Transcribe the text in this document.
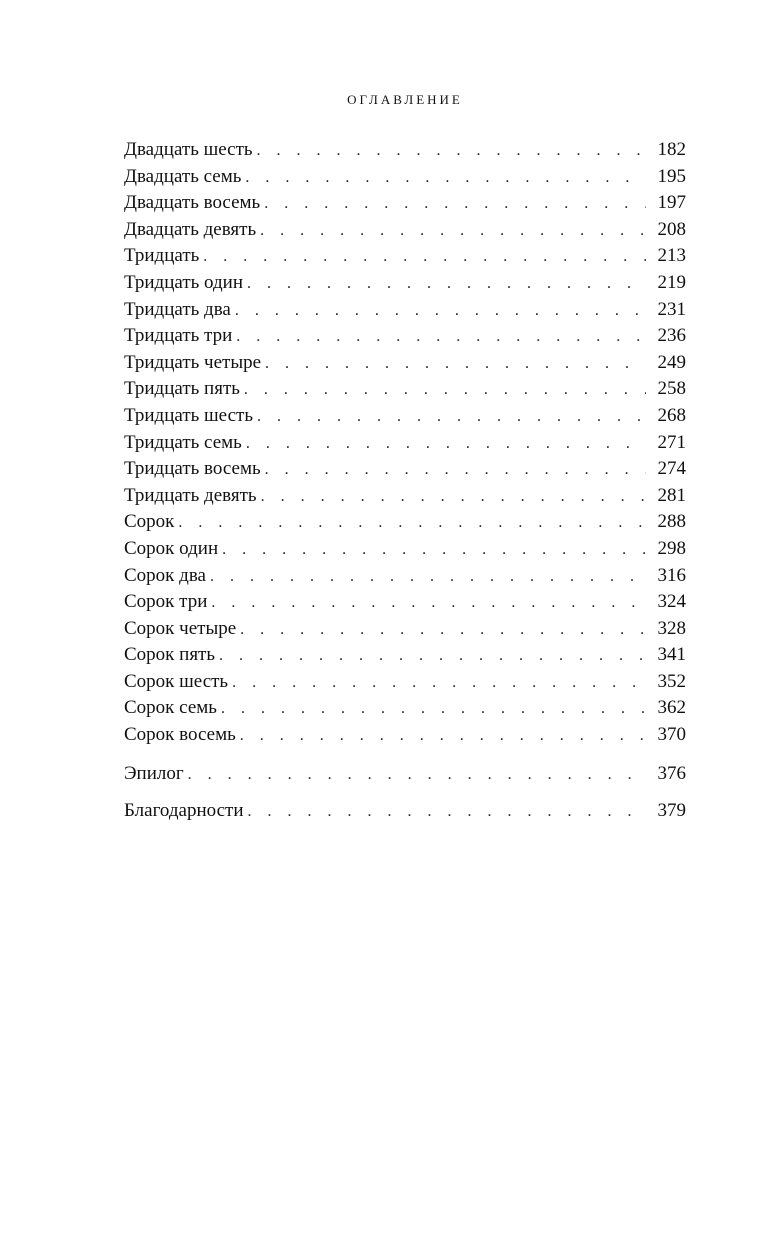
ОГЛАВЛЕНИЕ
Двадцать шесть . . .	182
Двадцать семь . . .	195
Двадцать восемь . . .	197
Двадцать девять . . .	208
Тридцать . . .	213
Тридцать один . . .	219
Тридцать два . . .	231
Тридцать три . . .	236
Тридцать четыре . . .	249
Тридцать пять . . .	258
Тридцать шесть . . .	268
Тридцать семь . . .	271
Тридцать восемь . . .	274
Тридцать девять . . .	281
Сорок . . .	288
Сорок один . . .	298
Сорок два . . .	316
Сорок три . . .	324
Сорок четыре . . .	328
Сорок пять . . .	341
Сорок шесть . . .	352
Сорок семь . . .	362
Сорок восемь . . .	370
Эпилог . . .	376
Благодарности . . .	379
